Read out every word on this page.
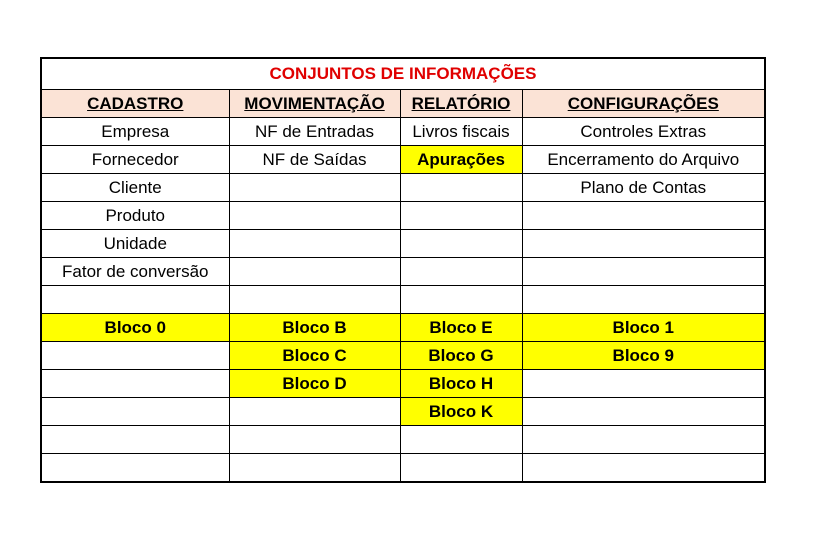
CONJUNTOS DE INFORMAÇÕES			
CADASTRO	MOVIMENTAÇÃO	RELATÓRIO	CONFIGURAÇÕES
Empresa	NF de Entradas	Livros fiscais	Controles Extras
Fornecedor	NF de Saídas	Apurações	Encerramento do Arquivo
Cliente			Plano de Contas
Produto			
Unidade			
Fator de conversão			

Bloco 0	Bloco B	Bloco E	Bloco 1
	Bloco C	Bloco G	Bloco 9
	Bloco D	Bloco H	
		Bloco K	
